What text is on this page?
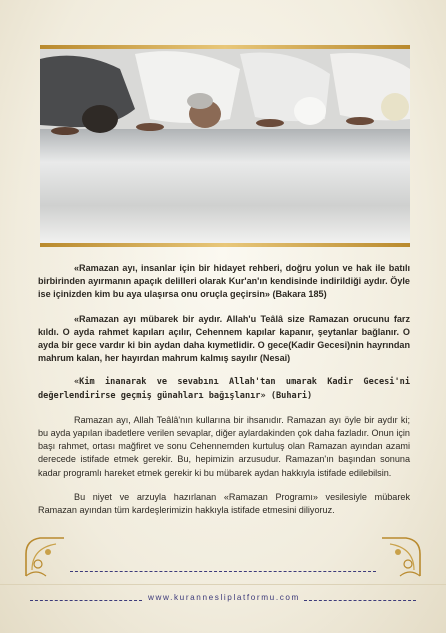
«Ramazan ayı, insanlar için bir hidayet rehberi, doğru yolun ve hak ile batılı birbirinden ayırmanın apaçık delilleri olarak Kur'an'ın kendisinde indirildiği aydır. Öyle ise içinizden kim bu aya ulaşırsa onu oruçla geçirsin» (Bakara 185)

«Ramazan ayı mübarek bir aydır. Allah'u Teâlâ size Ramazan orucunu farz kıldı. O ayda rahmet kapıları açılır, Cehennem kapılar kapanır, şeytanlar bağlanır. O ayda bir gece vardır ki bin aydan daha kıymetlidir. O gece(Kadir Gecesi)nin hayrından mahrum kalan, her hayırdan mahrum kalmış sayılır (Nesai)

«Kim inanarak ve sevabını Allah'tan umarak Kadir Gecesi'ni değerlendirirse geçmiş günahları bağışlanır» (Buhari)

Ramazan ayı, Allah Teâlâ'nın kullarına bir ihsanıdır. Ramazan ayı öyle bir aydır ki; bu ayda yapılan ibadetlere verilen sevaplar, diğer aylardakinden çok daha fazladır. Onun için başı rahmet, ortası mağfiret ve sonu Cehennemden kurtuluş olan Ramazan ayından azami derecede istifade etmek gerekir. Bu, hepimizin arzusudur. Ramazan'ın başından sonuna kadar programlı hareket etmek gerekir ki bu mübarek aydan hakkıyla istifade edilebilsin.

Bu niyet ve arzuyla hazırlanan «Ramazan Programı» vesilesiyle mübarek Ramazan ayından tüm kardeşlerimizin hakkıyla istifade etmesini diliyoruz.

www.kurannesliplatformu.com
